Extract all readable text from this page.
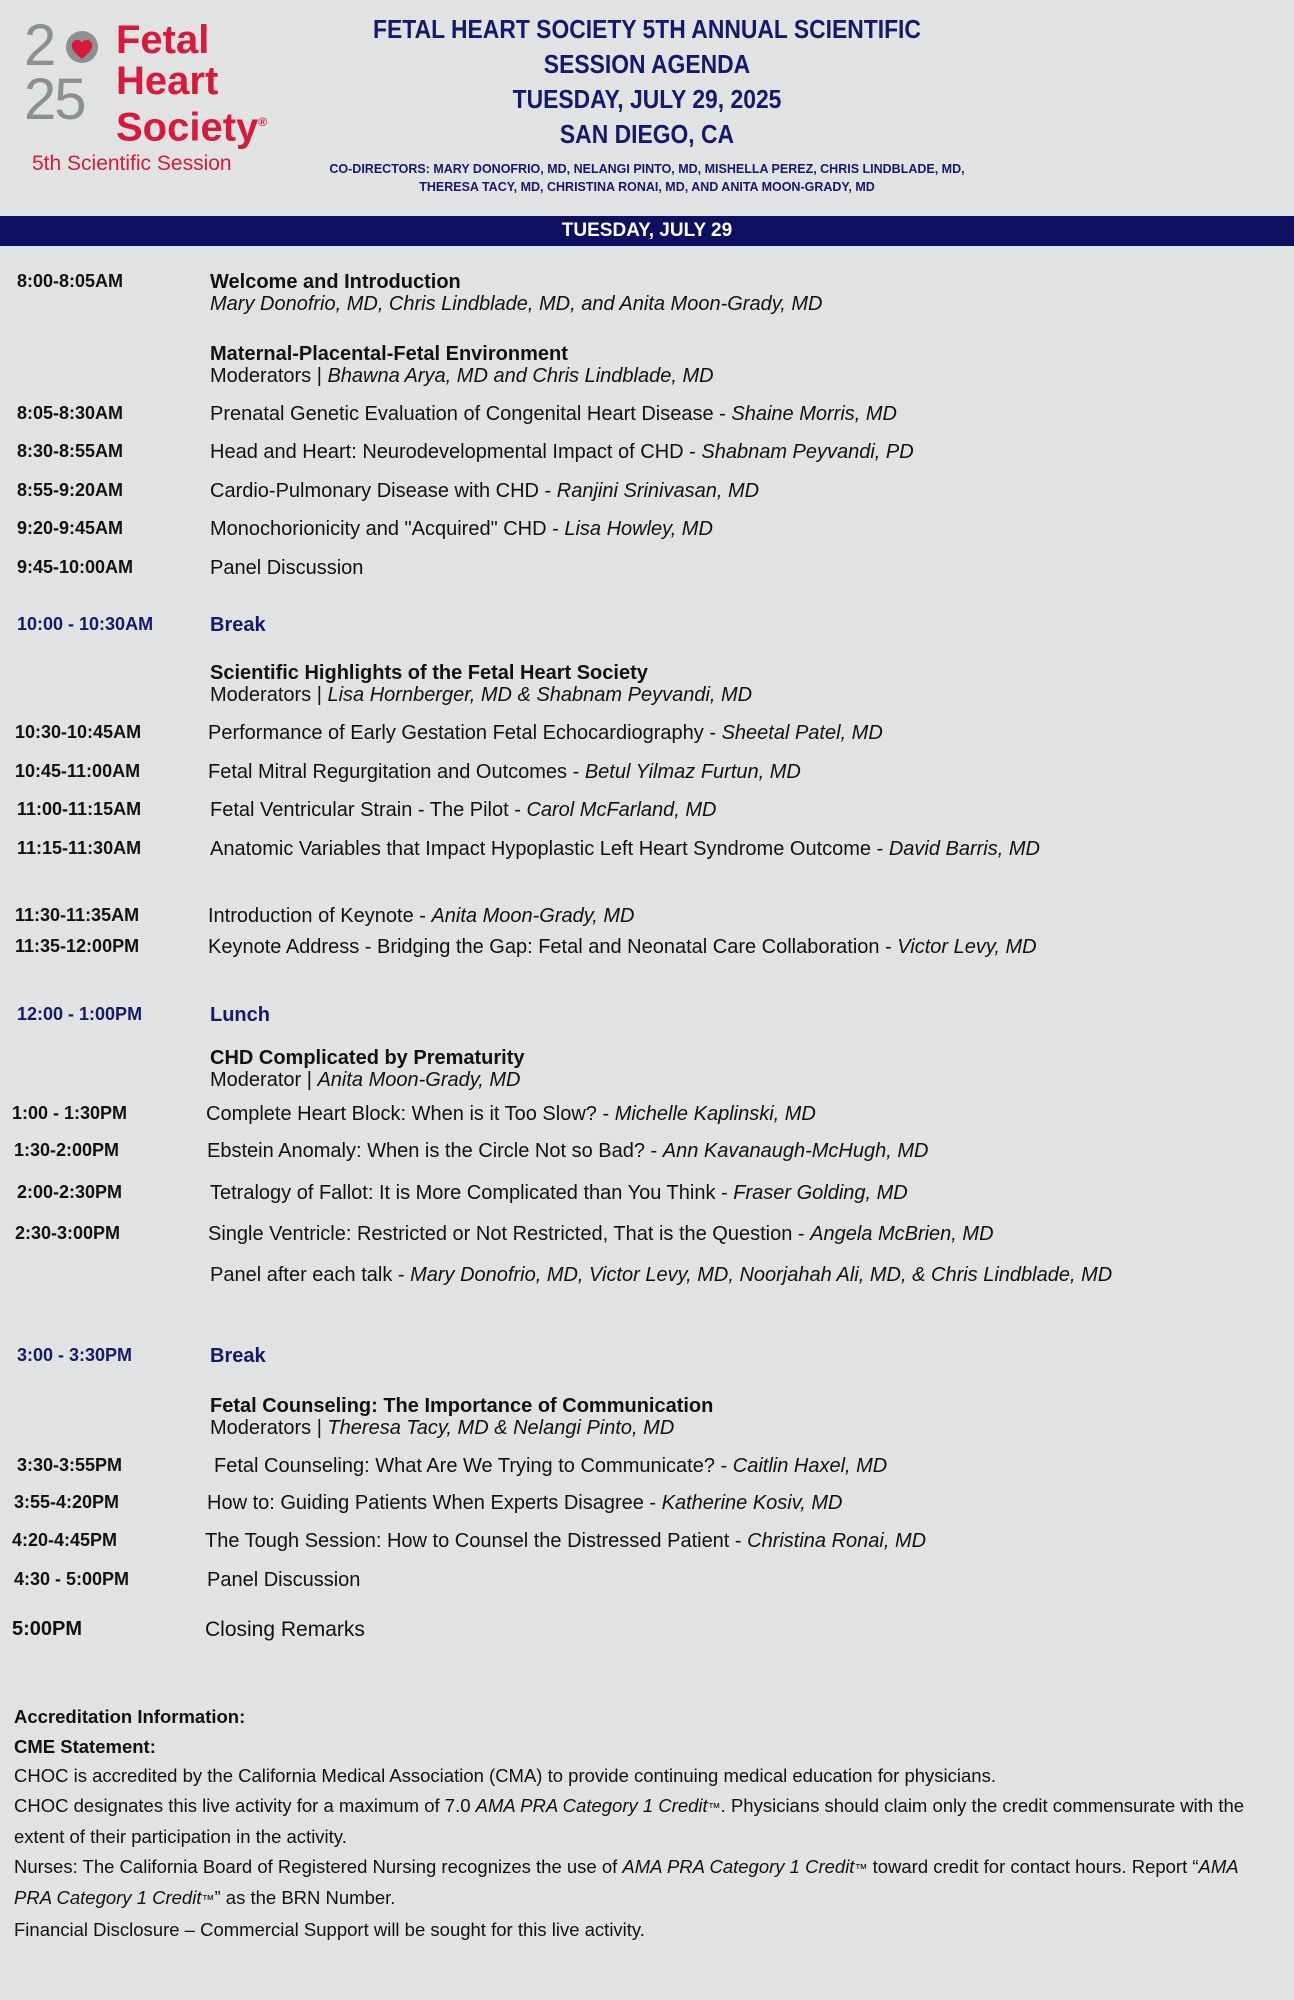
2
25
Fetal
Heart
Society®
5th Scientific Session
FETAL HEART SOCIETY 5TH ANNUAL SCIENTIFIC
SESSION AGENDA
TUESDAY, JULY 29, 2025
SAN DIEGO, CA
CO-DIRECTORS: MARY DONOFRIO, MD, NELANGI PINTO, MD, MISHELLA PEREZ, CHRIS LINDBLADE, MD, THERESA TACY, MD, CHRISTINA RONAI, MD, AND ANITA MOON-GRADY, MD
TUESDAY, JULY 29
8:00-8:05AM	Welcome and Introduction
Mary Donofrio, MD, Chris Lindblade, MD, and Anita Moon-Grady, MD
Maternal-Placental-Fetal Environment
Moderators | Bhawna Arya, MD and Chris Lindblade, MD
8:05-8:30AM	Prenatal Genetic Evaluation of Congenital Heart Disease - Shaine Morris, MD
8:30-8:55AM	Head and Heart: Neurodevelopmental Impact of CHD - Shabnam Peyvandi, PD
8:55-9:20AM	Cardio-Pulmonary Disease with CHD - Ranjini Srinivasan, MD
9:20-9:45AM	Monochorionicity and "Acquired" CHD - Lisa Howley, MD
9:45-10:00AM	Panel Discussion
10:00 - 10:30AM	Break
Scientific Highlights of the Fetal Heart Society
Moderators | Lisa Hornberger, MD & Shabnam Peyvandi, MD
10:30-10:45AM	Performance of Early Gestation Fetal Echocardiography - Sheetal Patel, MD
10:45-11:00AM	Fetal Mitral Regurgitation and Outcomes - Betul Yilmaz Furtun, MD
11:00-11:15AM	Fetal Ventricular Strain - The Pilot - Carol McFarland, MD
11:15-11:30AM	Anatomic Variables that Impact Hypoplastic Left Heart Syndrome Outcome - David Barris, MD
11:30-11:35AM	Introduction of Keynote - Anita Moon-Grady, MD
11:35-12:00PM	Keynote Address - Bridging the Gap: Fetal and Neonatal Care Collaboration - Victor Levy, MD
12:00 - 1:00PM	Lunch
CHD Complicated by Prematurity
Moderator | Anita Moon-Grady, MD
1:00 - 1:30PM	Complete Heart Block: When is it Too Slow? - Michelle Kaplinski, MD
1:30-2:00PM	Ebstein Anomaly: When is the Circle Not so Bad? - Ann Kavanaugh-McHugh, MD
2:00-2:30PM	Tetralogy of Fallot: It is More Complicated than You Think - Fraser Golding, MD
2:30-3:00PM	Single Ventricle: Restricted or Not Restricted, That is the Question - Angela McBrien, MD
Panel after each talk - Mary Donofrio, MD, Victor Levy, MD, Noorjahah Ali, MD, & Chris Lindblade, MD
3:00 - 3:30PM	Break
Fetal Counseling: The Importance of Communication
Moderators | Theresa Tacy, MD & Nelangi Pinto, MD
3:30-3:55PM	Fetal Counseling: What Are We Trying to Communicate? - Caitlin Haxel, MD
3:55-4:20PM	How to: Guiding Patients When Experts Disagree - Katherine Kosiv, MD
4:20-4:45PM	The Tough Session: How to Counsel the Distressed Patient - Christina Ronai, MD
4:30 - 5:00PM	Panel Discussion
5:00PM	Closing Remarks
Accreditation Information:
CME Statement:
CHOC is accredited by the California Medical Association (CMA) to provide continuing medical education for physicians.
CHOC designates this live activity for a maximum of 7.0 AMA PRA Category 1 Credit™. Physicians should claim only the credit commensurate with the extent of their participation in the activity.
Nurses: The California Board of Registered Nursing recognizes the use of AMA PRA Category 1 Credit™ toward credit for contact hours. Report “AMA PRA Category 1 Credit™” as the BRN Number.
Financial Disclosure – Commercial Support will be sought for this live activity.
